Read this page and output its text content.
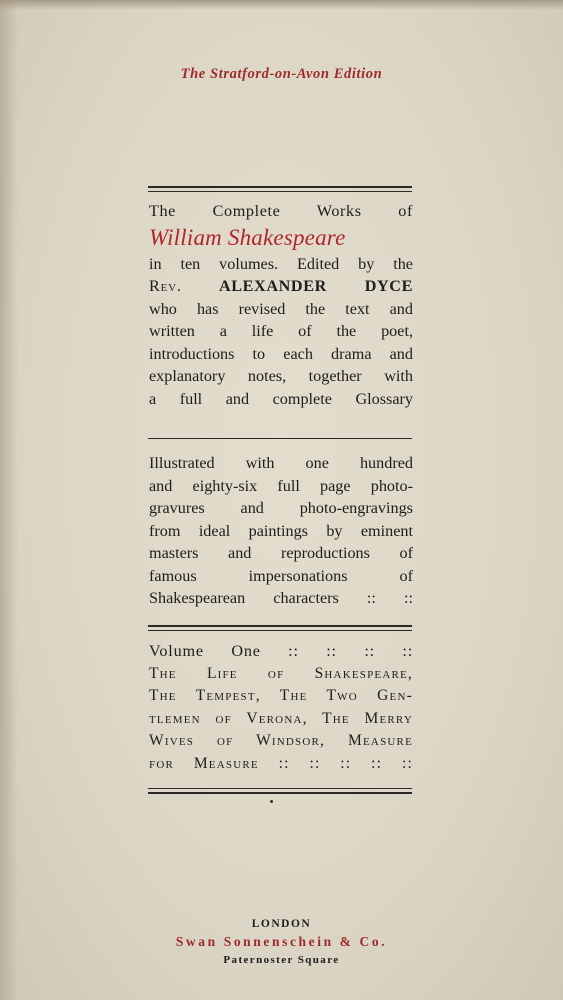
The Stratford-on-Avon Edition
The Complete Works of
William Shakespeare
in ten volumes. Edited by the
Rev. ALEXANDER DYCE
who has revised the text and
written a life of the poet,
introductions to each drama and
explanatory notes, together with
a full and complete Glossary
Illustrated with one hundred
and eighty-six full page photo-
gravures and photo-engravings
from ideal paintings by eminent
masters and reproductions of
famous impersonations of
Shakespearean characters :: ::
Volume One :: :: :: ::
The Life of Shakespeare,
The Tempest, The Two Gen-
tlemen of Verona, The Merry
Wives of Windsor, Measure
for Measure :: :: :: :: ::
LONDON
Swan Sonnenschein & Co.
Paternoster Square
